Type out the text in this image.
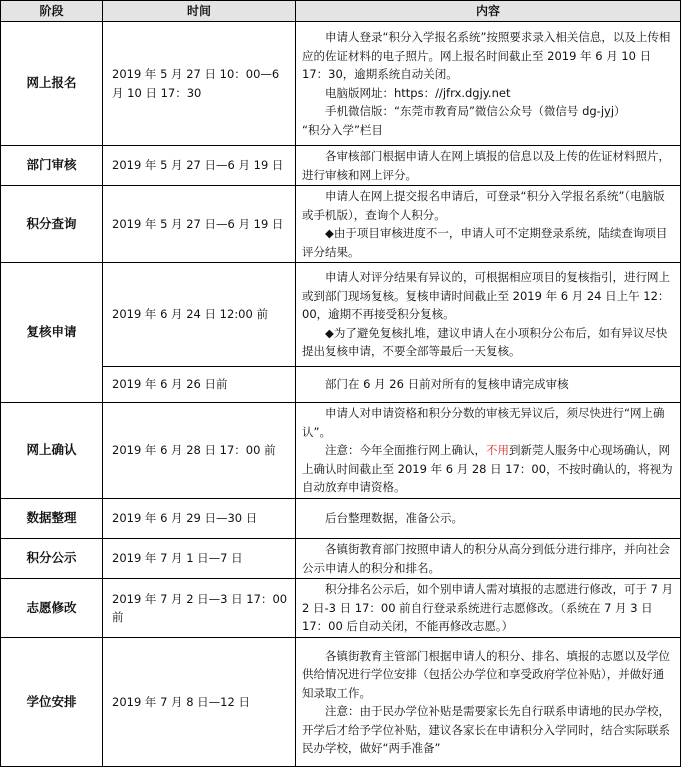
阶段	时间	内容
网上报名	2019 年 5 月 27 日 10：00—6 月 10 日 17：30	申请人登录“积分入学报名系统”按照要求录入相关信息，以及上传相应的佐证材料的电子照片。网上报名时间截止至 2019 年 6 月 10 日 17：30，逾期系统自动关闭。

电脑版网址：https：//jfrx.dgjy.net

手机微信版：“东莞市教育局”微信公众号（微信号 dg-jyj）

“积分入学”栏目

部门审核	2019 年 5 月 27 日—6 月 19 日	各审核部门根据申请人在网上填报的信息以及上传的佐证材料照片，进行审核和网上评分。

积分查询	2019 年 5 月 27 日—6 月 19 日	申请人在网上提交报名申请后，可登录“积分入学报名系统”（电脑版或手机版），查询个人积分。

◆由于项目审核进度不一，申请人可不定期登录系统，陆续查询项目评分结果。

复核申请	2019 年 6 月 24 日 12:00 前	申请人对评分结果有异议的，可根据相应项目的复核指引，进行网上或到部门现场复核。复核申请时间截止至 2019 年 6 月 24 日上午 12：00，逾期不再接受积分复核。

◆为了避免复核扎堆，建议申请人在小项积分公布后，如有异议尽快提出复核申请，不要全部等最后一天复核。

	2019 年 6 月 26 日前	部门在 6 月 26 日前对所有的复核申请完成审核

网上确认	2019 年 6 月 28 日 17：00 前	申请人对申请资格和积分分数的审核无异议后，须尽快进行“网上确认”。

注意：今年全面推行网上确认，不用到新莞人服务中心现场确认，网上确认时间截止至 2019 年 6 月 28 日 17：00，不按时确认的，将视为自动放弃申请资格。

数据整理	2019 年 6 月 29 日—30 日	后台整理数据，准备公示。

积分公示	2019 年 7 月 1 日—7 日	各镇街教育部门按照申请人的积分从高分到低分进行排序，并向社会公示申请人的积分和排名。

志愿修改	2019 年 7 月 2 日—3 日 17：00 前	积分排名公示后，如个别申请人需对填报的志愿进行修改，可于 7 月 2 日-3 日 17：00 前自行登录系统进行志愿修改。（系统在 7 月 3 日 17：00 后自动关闭，不能再修改志愿。）

学位安排	2019 年 7 月 8 日—12 日	各镇街教育主管部门根据申请人的积分、排名、填报的志愿以及学位供给情况进行学位安排（包括公办学位和享受政府学位补贴），并做好通知录取工作。

注意：由于民办学位补贴是需要家长先自行联系申请地的民办学校，开学后才给予学位补贴，建议各家长在申请积分入学同时，结合实际联系民办学校，做好“两手准备”
